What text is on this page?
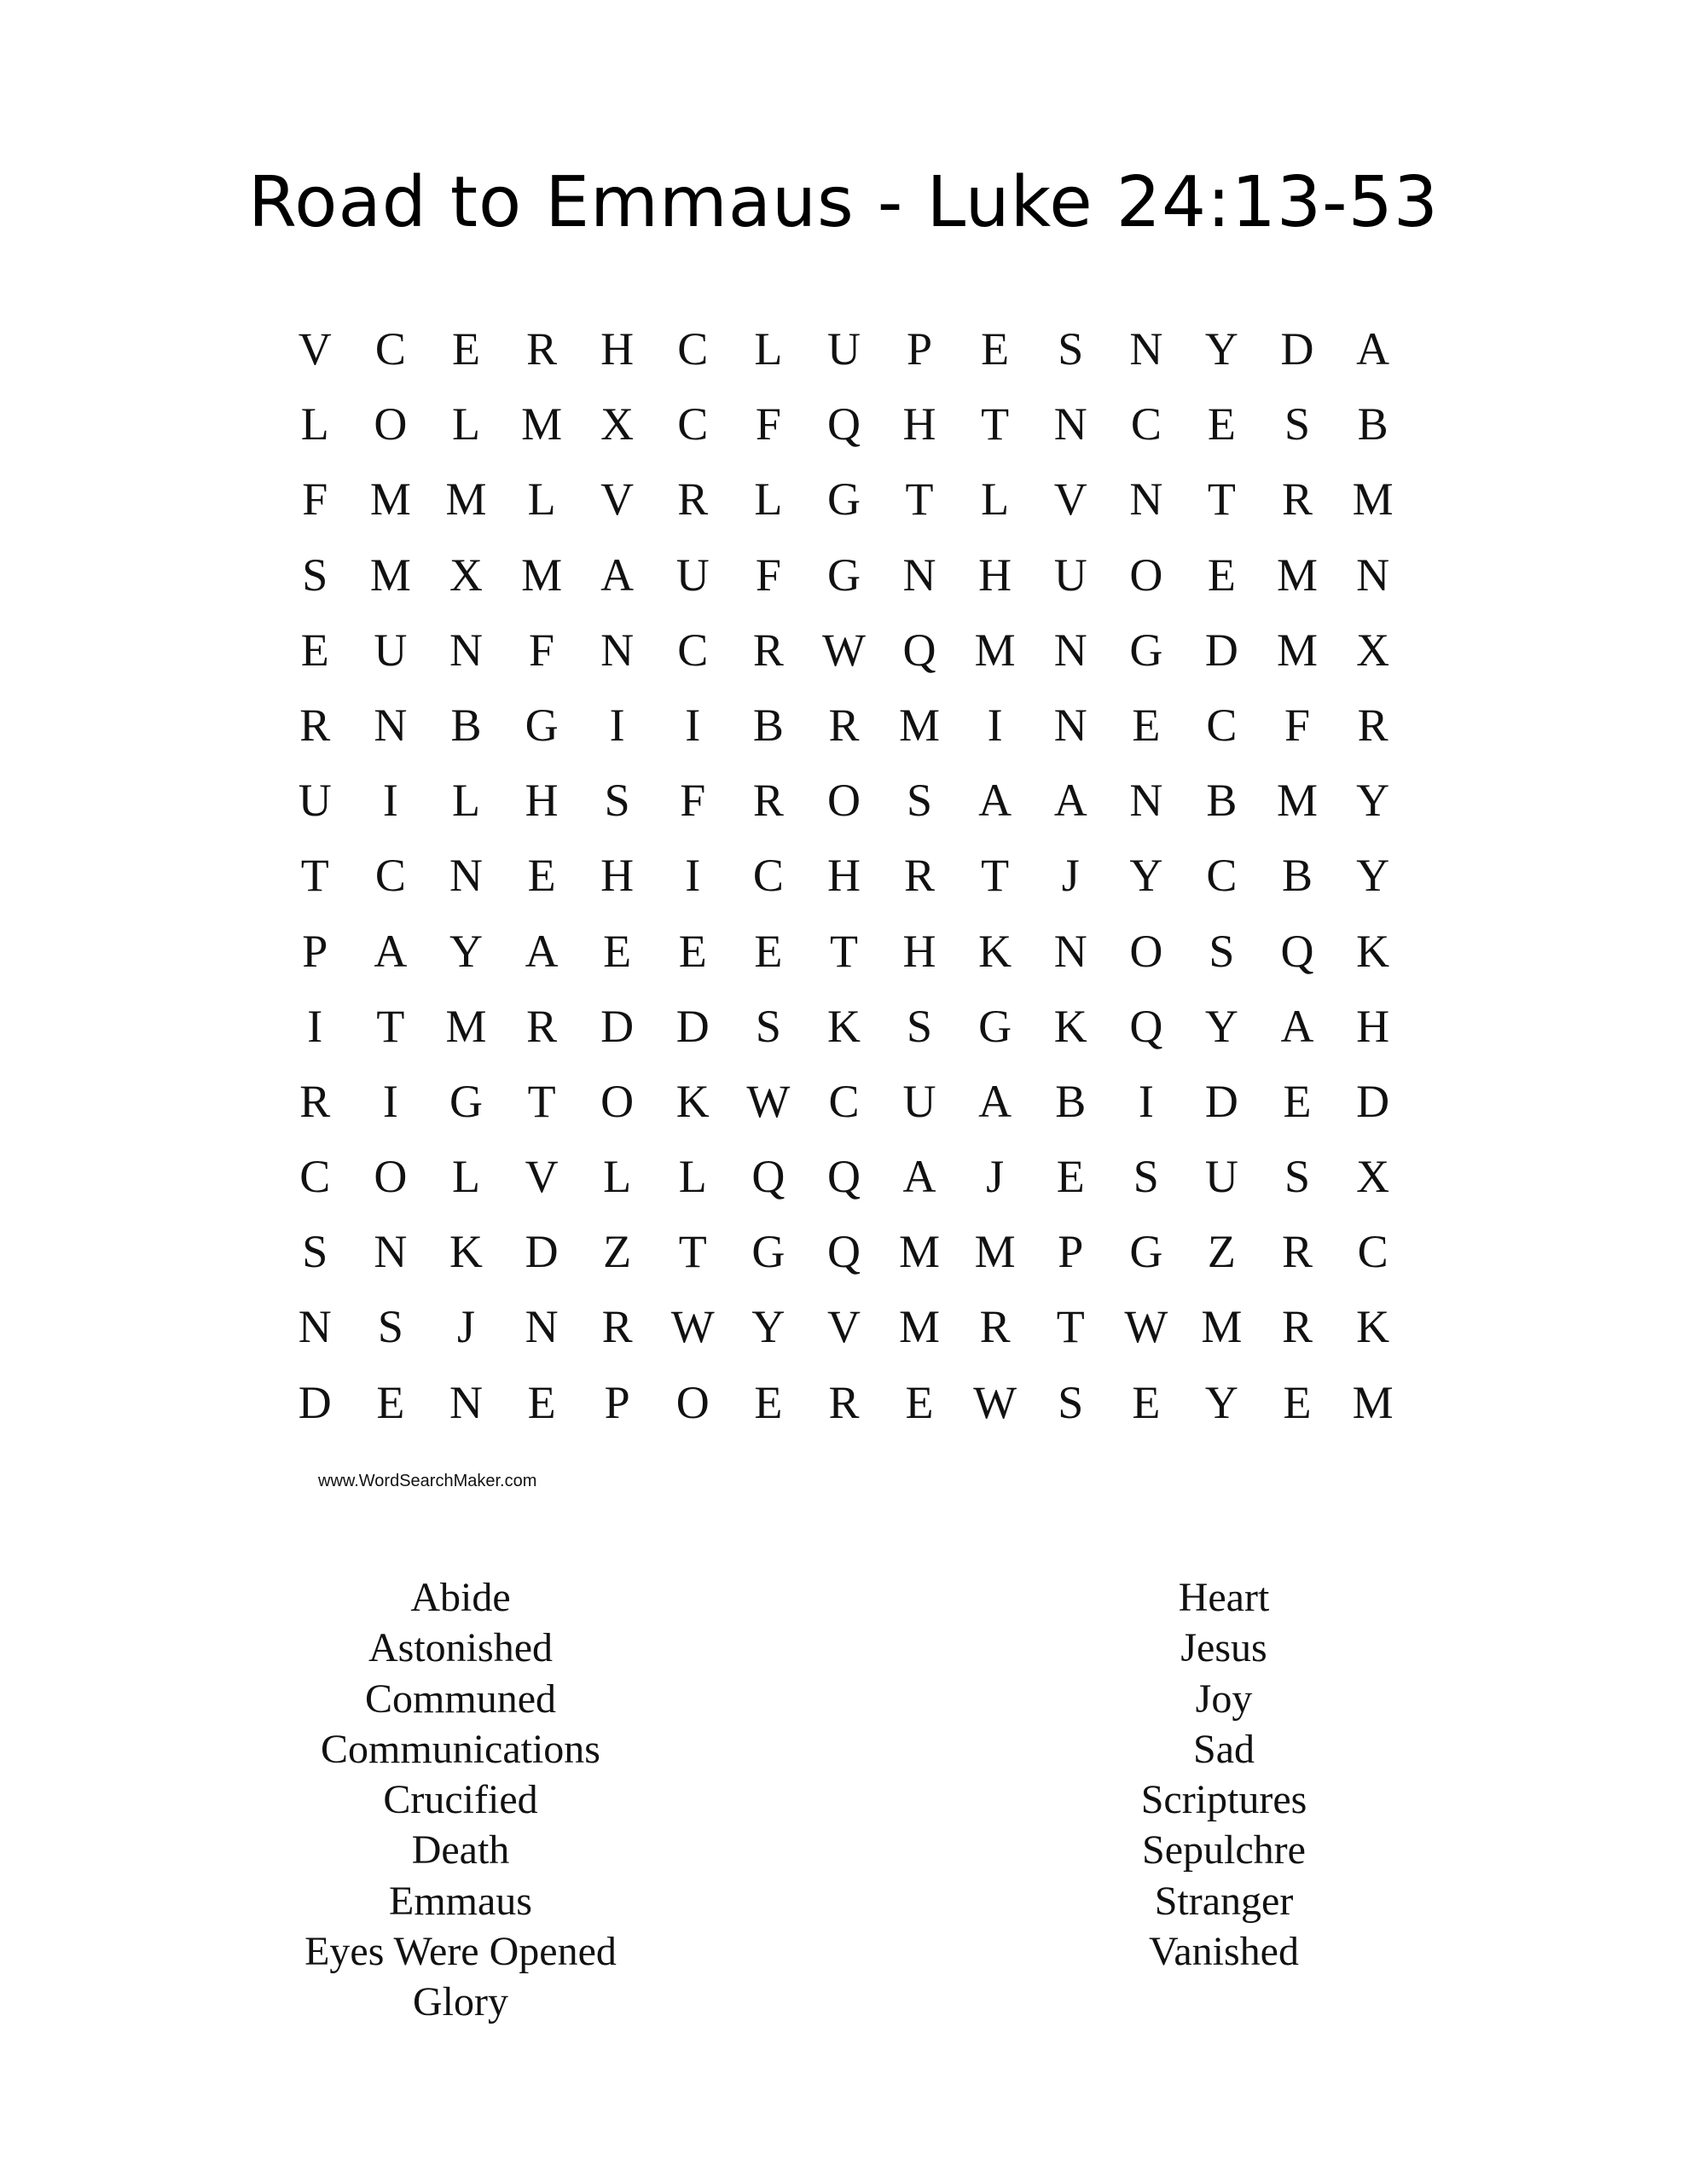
Road to Emmaus - Luke 24:13-53
V C	E	R H C	L U	P	E	S	N Y D A
L O L M X C	F	Q H T N C	E	S	B
F M M L V R	L G T	L V N T	R M
S M X M A U	F	G N H U O E M N
E U N	F	N C R W Q M N G D M X
R N B G	I	I	B R M	I	N E	C	F	R
U	I	L H	S	F	R O	S	A A N B M Y
T	C N E H	I	C H R	T	J	Y C B Y
P	A Y A E	E	E	T H K N O	S	Q K
I	T M R D D	S	K	S	G K Q Y A H
R	I	G T O K W C U A B	I	D E D
C O L V L	L Q Q A	J	E	S	U	S	X
S	N K D Z	T G Q M M P	G Z	R C
N	S	J	N R W Y V M R	T W M R K
D E N E	P	O E	R	E W S	E Y E M
www.WordSearchMaker.com
Abide
Astonished
Communed
Communications
Crucified
Death
Emmaus
Eyes Were Opened
Glory
Heart
Jesus
Joy
Sad
Scriptures
Sepulchre
Stranger
Vanished
